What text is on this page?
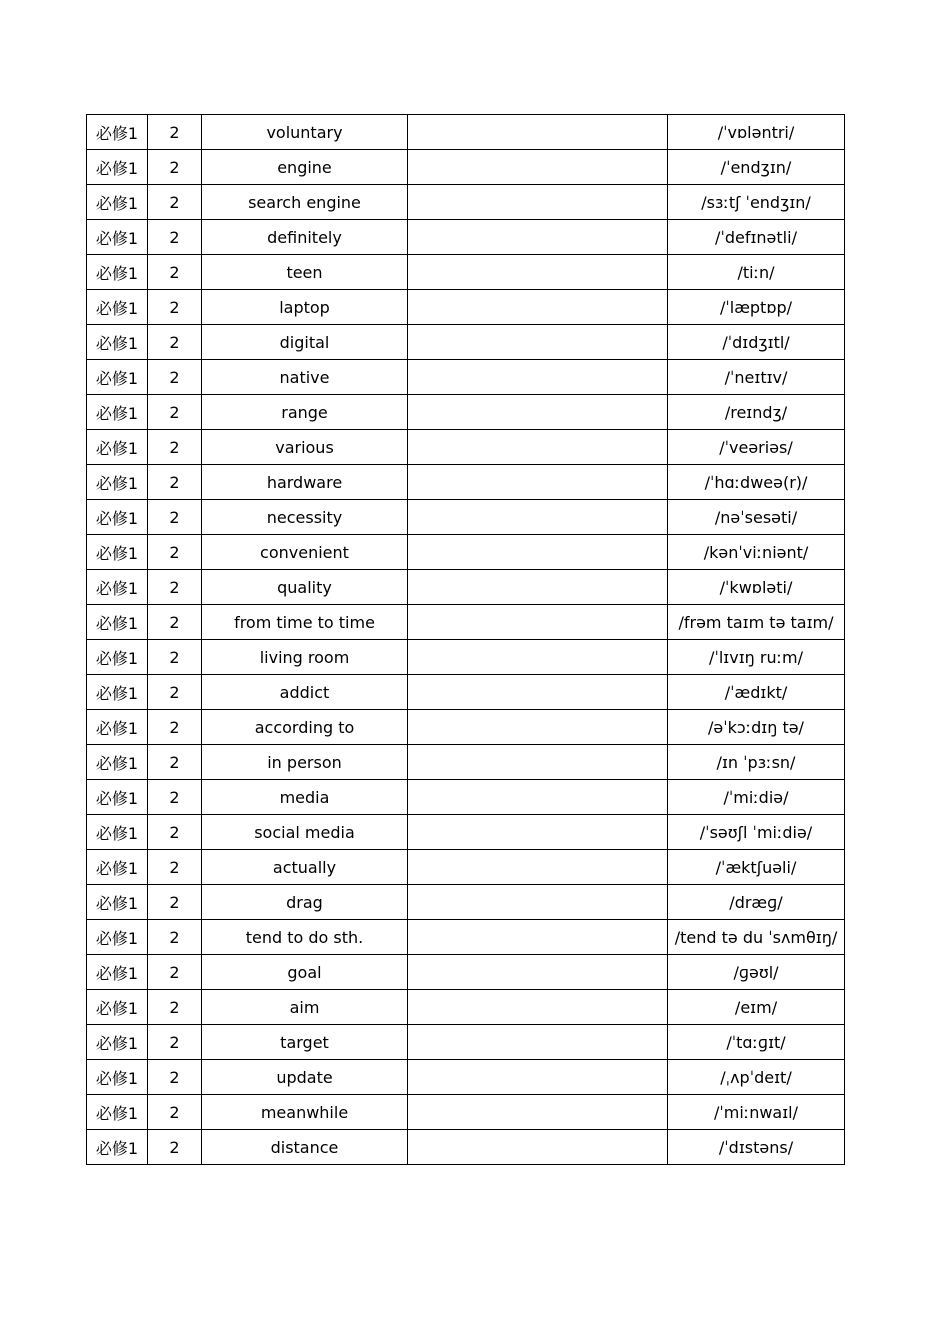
必修1	2	voluntary		/ˈvɒləntri/
必修1	2	engine		/ˈendʒɪn/
必修1	2	search engine		/sɜːtʃ ˈendʒɪn/
必修1	2	definitely		/ˈdefɪnətli/
必修1	2	teen		/tiːn/
必修1	2	laptop		/ˈlæptɒp/
必修1	2	digital		/ˈdɪdʒɪtl/
必修1	2	native		/ˈneɪtɪv/
必修1	2	range		/reɪndʒ/
必修1	2	various		/ˈveəriəs/
必修1	2	hardware		/ˈhɑːdweə(r)/
必修1	2	necessity		/nəˈsesəti/
必修1	2	convenient		/kənˈviːniənt/
必修1	2	quality		/ˈkwɒləti/
必修1	2	from time to time		/frəm taɪm tə taɪm/
必修1	2	living room		/ˈlɪvɪŋ ruːm/
必修1	2	addict		/ˈædɪkt/
必修1	2	according to		/əˈkɔːdɪŋ tə/
必修1	2	in person		/ɪn ˈpɜːsn/
必修1	2	media		/ˈmiːdiə/
必修1	2	social media		/ˈsəʊʃl ˈmiːdiə/
必修1	2	actually		/ˈæktʃuəli/
必修1	2	drag		/dræɡ/
必修1	2	tend to do sth.		/tend tə du ˈsʌmθɪŋ/
必修1	2	goal		/ɡəʊl/
必修1	2	aim		/eɪm/
必修1	2	target		/ˈtɑːɡɪt/
必修1	2	update		/ˌʌpˈdeɪt/
必修1	2	meanwhile		/ˈmiːnwaɪl/
必修1	2	distance		/ˈdɪstəns/
